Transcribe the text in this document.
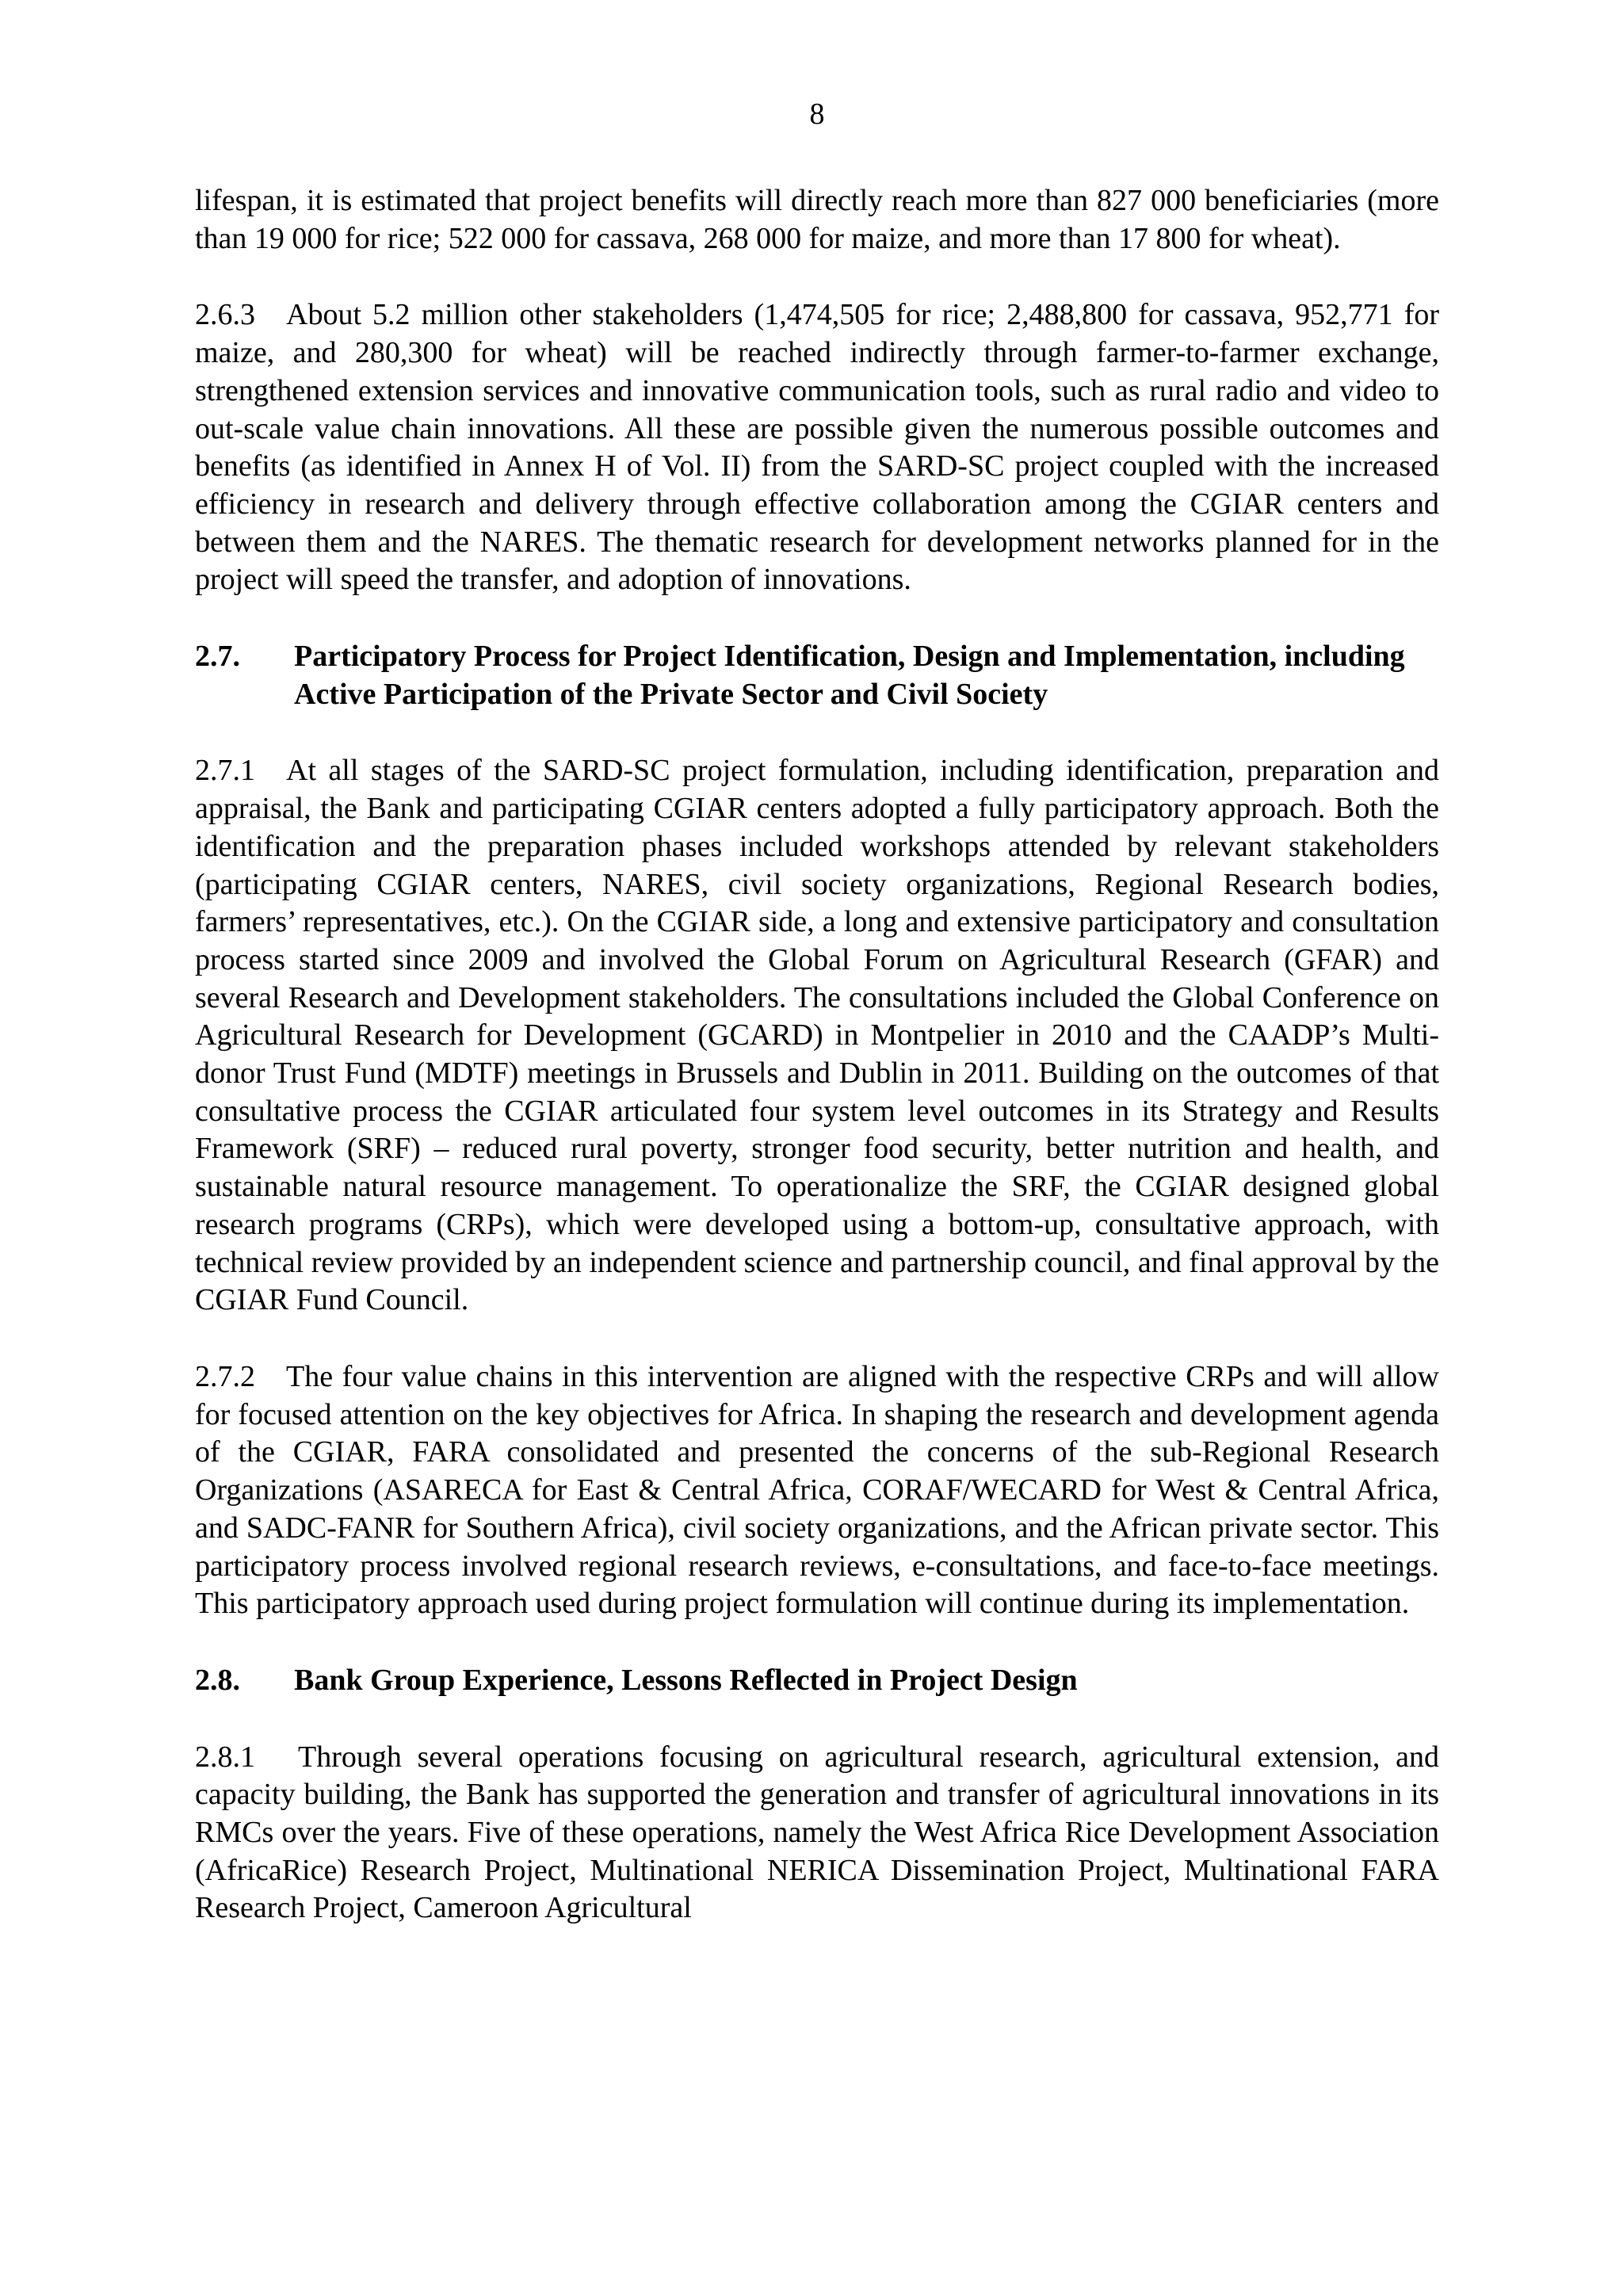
8

lifespan, it is estimated that project benefits will directly reach more than 827 000 beneficiaries (more than 19 000 for rice; 522 000 for cassava, 268 000 for maize, and more than 17 800 for wheat).

2.6.3 About 5.2 million other stakeholders (1,474,505 for rice; 2,488,800 for cassava, 952,771 for maize, and 280,300 for wheat) will be reached indirectly through farmer-to-farmer exchange, strengthened extension services and innovative communication tools, such as rural radio and video to out-scale value chain innovations. All these are possible given the numerous possible outcomes and benefits (as identified in Annex H of Vol. II) from the SARD-SC project coupled with the increased efficiency in research and delivery through effective collaboration among the CGIAR centers and between them and the NARES. The thematic research for development networks planned for in the project will speed the transfer, and adoption of innovations.

2.7.	Participatory Process for Project Identification, Design and Implementation, including Active Participation of the Private Sector and Civil Society

2.7.1 At all stages of the SARD-SC project formulation, including identification, preparation and appraisal, the Bank and participating CGIAR centers adopted a fully participatory approach. Both the identification and the preparation phases included workshops attended by relevant stakeholders (participating CGIAR centers, NARES, civil society organizations, Regional Research bodies, farmers’ representatives, etc.). On the CGIAR side, a long and extensive participatory and consultation process started since 2009 and involved the Global Forum on Agricultural Research (GFAR) and several Research and Development stakeholders. The consultations included the Global Conference on Agricultural Research for Development (GCARD) in Montpelier in 2010 and the CAADP’s Multi-donor Trust Fund (MDTF) meetings in Brussels and Dublin in 2011. Building on the outcomes of that consultative process the CGIAR articulated four system level outcomes in its Strategy and Results Framework (SRF) – reduced rural poverty, stronger food security, better nutrition and health, and sustainable natural resource management. To operationalize the SRF, the CGIAR designed global research programs (CRPs), which were developed using a bottom-up, consultative approach, with technical review provided by an independent science and partnership council, and final approval by the CGIAR Fund Council.

2.7.2 The four value chains in this intervention are aligned with the respective CRPs and will allow for focused attention on the key objectives for Africa. In shaping the research and development agenda of the CGIAR, FARA consolidated and presented the concerns of the sub-Regional Research Organizations (ASARECA for East & Central Africa, CORAF/WECARD for West & Central Africa, and SADC-FANR for Southern Africa), civil society organizations, and the African private sector. This participatory process involved regional research reviews, e-consultations, and face-to-face meetings. This participatory approach used during project formulation will continue during its implementation.

2.8.	Bank Group Experience, Lessons Reflected in Project Design

2.8.1 Through several operations focusing on agricultural research, agricultural extension, and capacity building, the Bank has supported the generation and transfer of agricultural innovations in its RMCs over the years. Five of these operations, namely the West Africa Rice Development Association (AfricaRice) Research Project, Multinational NERICA Dissemination Project, Multinational FARA Research Project, Cameroon Agricultural
